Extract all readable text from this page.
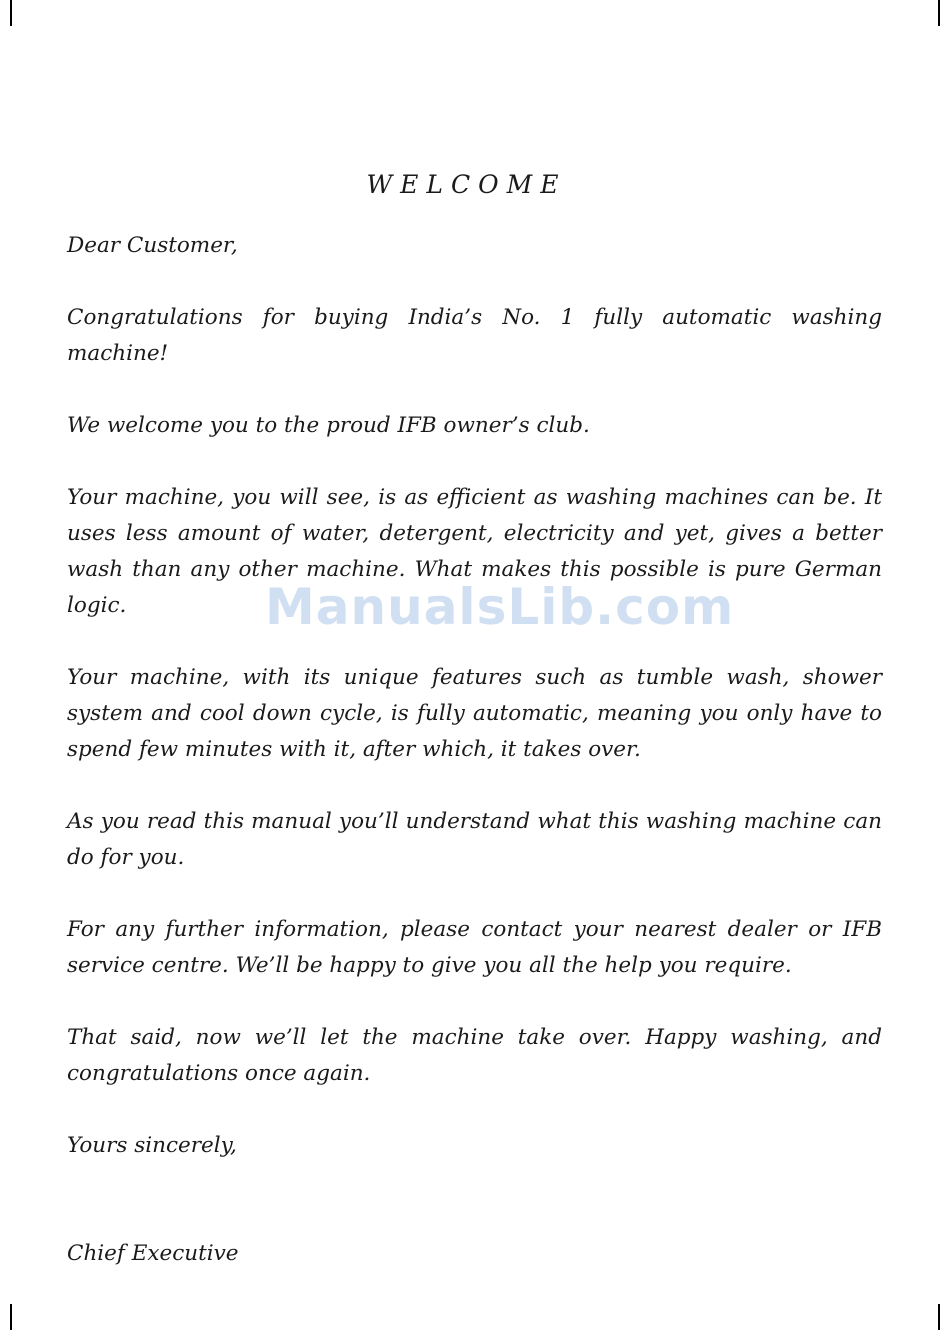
WELCOME

Dear Customer,

Congratulations for buying India’s No. 1 fully automatic washing machine!

We welcome you to the proud IFB owner’s club.

Your machine, you will see, is as efficient as washing machines can be. It uses less amount of water, detergent, electricity and yet, gives a better wash than any other machine. What makes this possible is pure German logic.

Your machine, with its unique features such as tumble wash, shower system and cool down cycle, is fully automatic, meaning you only have to spend few minutes with it, after which, it takes over.

As you read this manual you’ll understand what this washing machine can do for you.

For any further information, please contact your nearest dealer or IFB service centre. We’ll be happy to give you all the help you require.

That said, now we’ll let the machine take over. Happy washing, and congratulations once again.

Yours sincerely,

Chief Executive

ManualsLib.com
